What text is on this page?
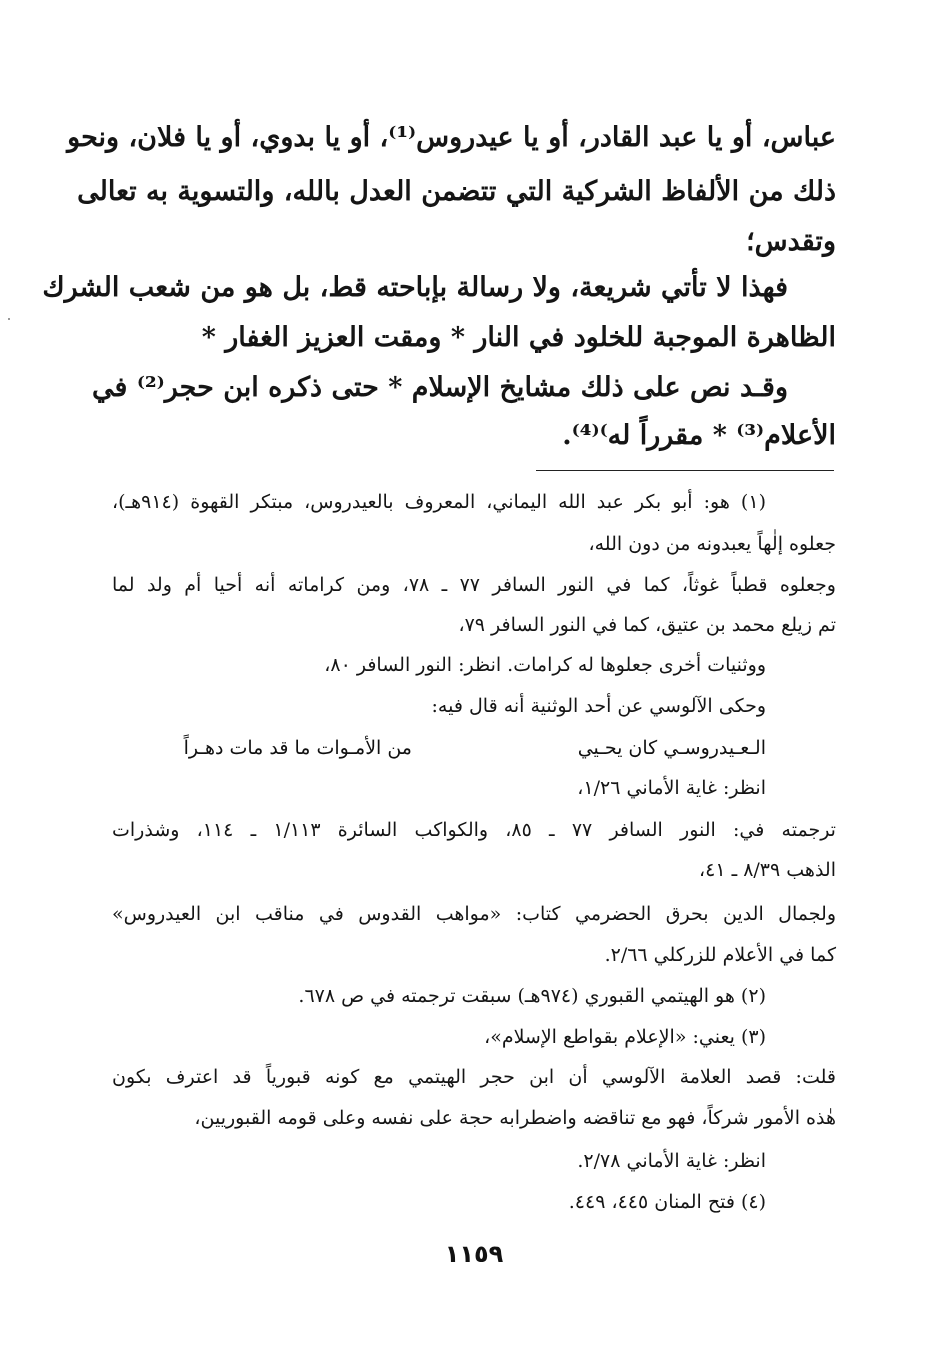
عباس، أو يا عبد القادر، أو يا عيدروس⁽¹⁾، أو يا بدوي، أو يا فلان، ونحو
ذلك من الألفاظ الشركية التي تتضمن العدل بالله، والتسوية به تعالى
وتقدس؛
فهذا لا تأتي شريعة، ولا رسالة بإباحته قط، بل هو من شعب الشرك
الظاهرة الموجبة للخلود في النار * ومقت العزيز الغفار *
وقـد نص على ذلك مشايخ الإسلام * حتى ذكره ابن حجر⁽²⁾ في
الأعلام⁽³⁾ * مقرراً له⁾⁽⁴⁾.
(١) هو: أبو بكر عبد الله اليماني، المعروف بالعيدروس، مبتكر القهوة (٩١٤هـ)،
جعلوه إلٰهاً يعبدونه من دون الله،
وجعلوه قطباً غوثاً، كما في النور السافر ٧٧ ـ ٧٨، ومن كراماته أنه أحيا أم ولد لما
تم زيلع محمد بن عتيق، كما في النور السافر ٧٩،
ووثنيات أخرى جعلوها له كرامات. انظر: النور السافر ٨٠،
وحكى الآلوسي عن أحد الوثنية أنه قال فيه:
الـعـيدروسـي كان يحـيي
من الأمـوات ما قد مات دهـراً
انظر: غاية الأماني ١/٢٦،
ترجمته في: النور السافر ٧٧ ـ ٨٥، والكواكب السائرة ١/١١٣ ـ ١١٤، وشذرات
الذهب ٨/٣٩ ـ ٤١،
ولجمال الدين بحرق الحضرمي كتاب: «مواهب القدوس في مناقب ابن العيدروس»
كما في الأعلام للزركلي ٢/٦٦.
(٢) هو الهيتمي القبوري (٩٧٤هـ) سبقت ترجمته في ص ٦٧٨.
(٣) يعني: «الإعلام بقواطع الإسلام»،
قلت: قصد العلامة الآلوسي أن ابن حجر الهيتمي مع كونه قبورياً قد اعترف بكون
هٰذه الأمور شركاً، فهو مع تناقضه واضطرابه حجة على نفسه وعلى قومه القبوريين،
انظر: غاية الأماني ٢/٧٨.
(٤) فتح المنان ٤٤٥، ٤٤٩.
١١٥٩
